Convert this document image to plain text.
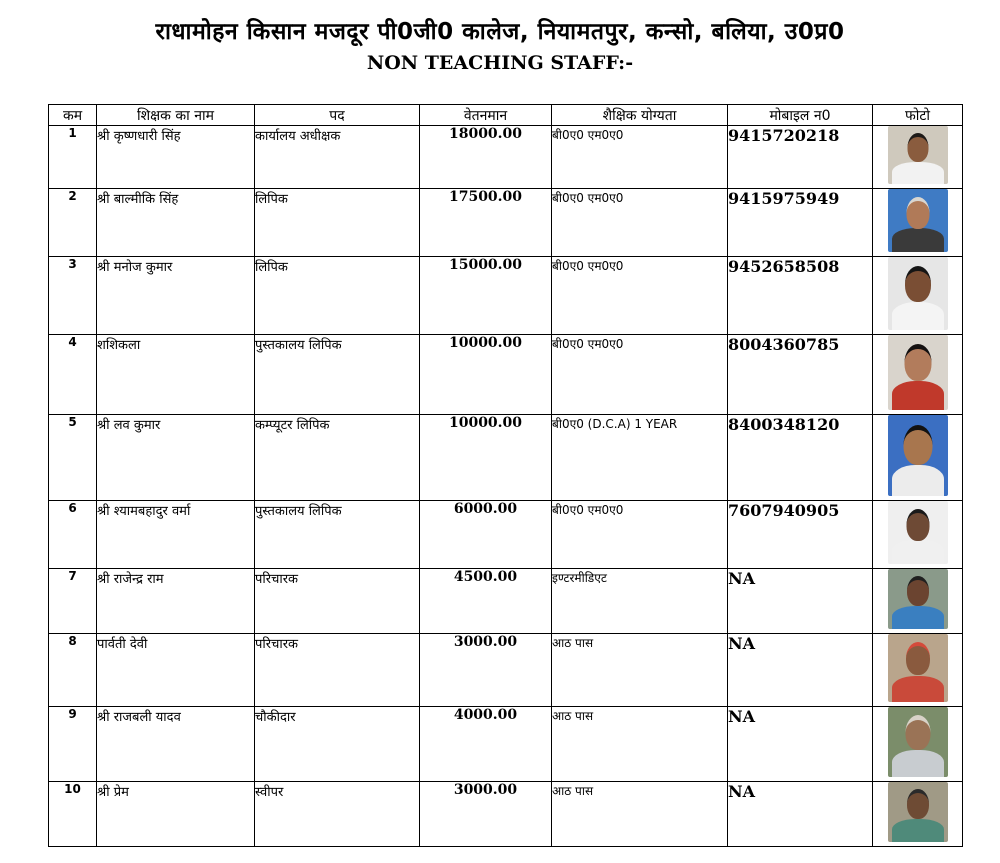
राधामोहन किसान मजदूर पी0जी0 कालेज, नियामतपुर, कन्सो, बलिया, उ0प्र0
NON TEACHING STAFF:-
कम	शिक्षक का नाम	पद	वेतनमान	शैक्षिक योग्यता	मोबाइल न0	फोटो
1	श्री कृष्णधारी सिंह	कार्यालय अधीक्षक	18000.00	बी0ए0 एम0ए0	9415720218	

2	श्री बाल्मीकि सिंह	लिपिक	17500.00	बी0ए0 एम0ए0	9415975949	

3	श्री मनोज कुमार	लिपिक	15000.00	बी0ए0 एम0ए0	9452658508	

4	शशिकला	पुस्तकालय लिपिक	10000.00	बी0ए0 एम0ए0	8004360785	

5	श्री लव कुमार	कम्प्यूटर लिपिक	10000.00	बी0ए0 (D.C.A) 1 YEAR	8400348120	

6	श्री श्यामबहादुर वर्मा	पुस्तकालय लिपिक	6000.00	बी0ए0 एम0ए0	7607940905	

7	श्री राजेन्द्र राम	परिचारक	4500.00	इण्टरमीडिएट	NA	

8	पार्वती देवी	परिचारक	3000.00	आठ पास	NA	

9	श्री राजबली यादव	चौकीदार	4000.00	आठ पास	NA	

10	श्री प्रेम	स्वीपर	3000.00	आठ पास	NA	
